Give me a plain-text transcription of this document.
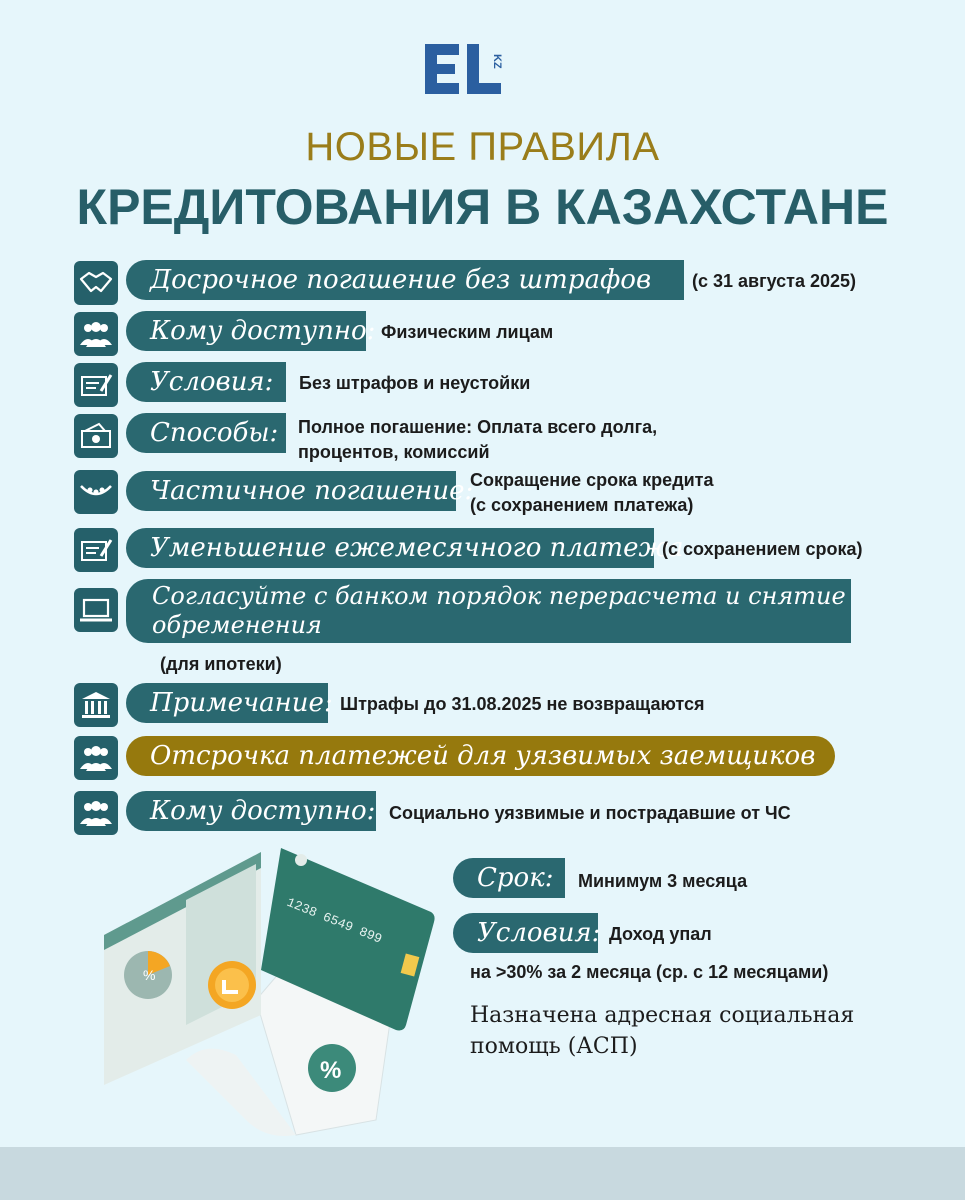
KZ
НОВЫЕ ПРАВИЛА
КРЕДИТОВАНИЯ В КАЗАХСТАНЕ
Досрочное погашение без штрафов	(с 31 августа 2025)
Кому доступно: Физическим лицам
Условия:	Без штрафов и неустойки
Способы:	Полное погашение: Оплата всего долга,
процентов, комиссий
Частичное погашение:
Сокращение срока кредита
(с сохранением платежа)
Уменьшение ежемесячного платежа
(с сохранением срока)
Согласуйте с банком порядок перерасчета и снятие
обременения
(для ипотеки)
Примечание: Штрафы до 31.08.2025 не возвращаются
Отсрочка платежей для уязвимых заемщиков
Кому доступно: Социально уязвимые и пострадавшие от ЧС
Срок:	Минимум 3 месяца
Условия: Доход упал
на >30% за 2 месяца (ср. с 12 месяцами)
Назначена адресная социальная
помощь (АСП)
%
1238 6549 899
%
